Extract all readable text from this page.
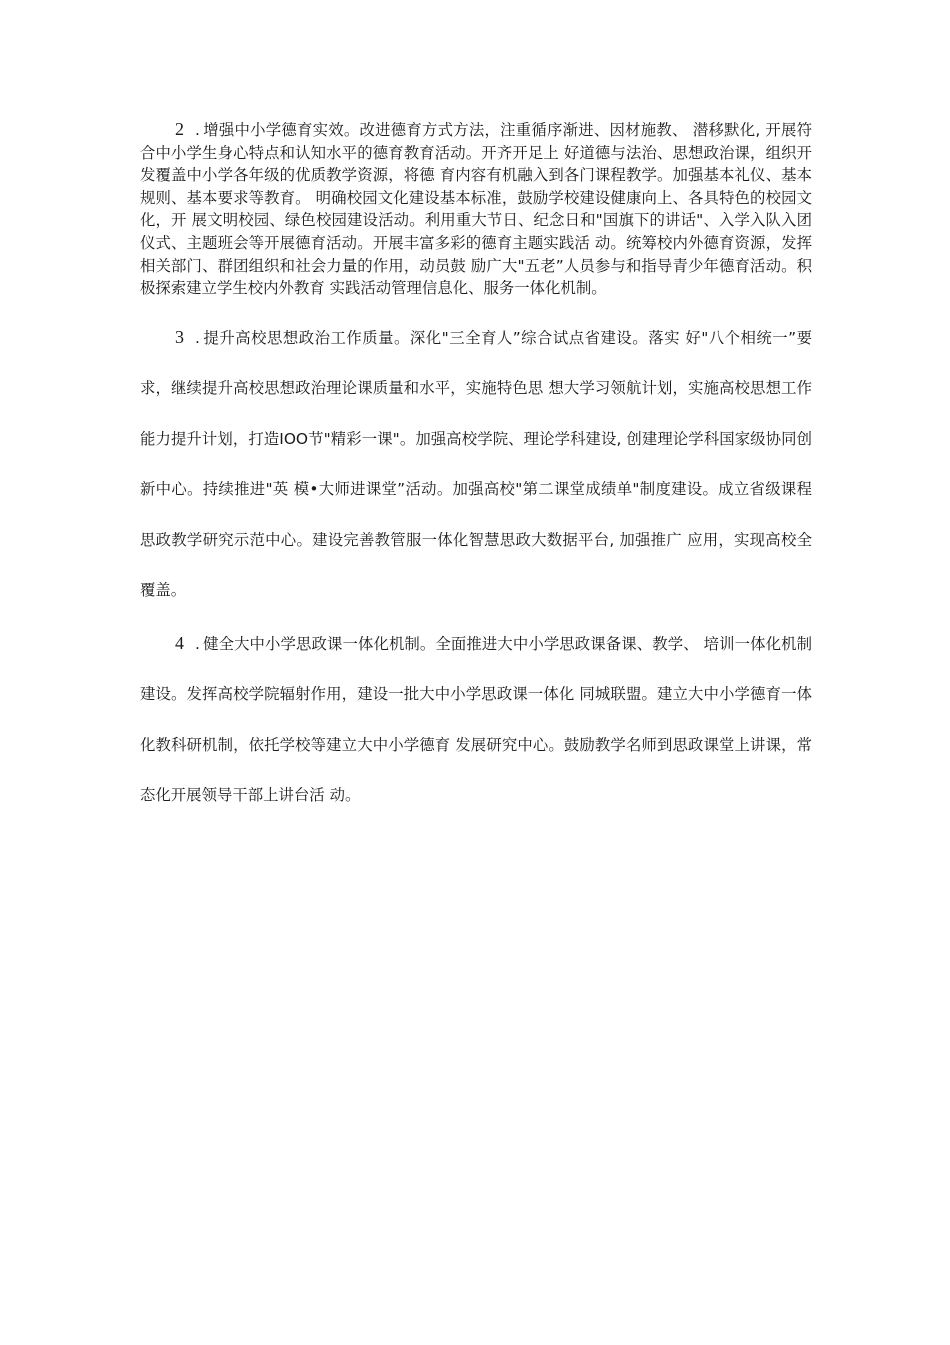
2 . 增强中小学德育实效。改进德育方式方法，注重循序渐进、因材施教、 潜移默化, 开展符合中小学生身心特点和认知水平的德育教育活动。开齐开足上 好道德与法治、思想政治课，组织开发覆盖中小学各年级的优质教学资源，将德 育内容有机融入到各门课程教学。加强基本礼仪、基本规则、基本要求等教育。 明确校园文化建设基本标准，鼓励学校建设健康向上、各具特色的校园文化，开 展文明校园、绿色校园建设活动。利用重大节日、纪念日和"国旗下的讲话"、入学入队入团仪式、主题班会等开展德育活动。开展丰富多彩的德育主题实践活 动。统筹校内外德育资源，发挥相关部门、群团组织和社会力量的作用，动员鼓 励广大"五老”人员参与和指导青少年德育活动。积极探索建立学生校内外教育 实践活动管理信息化、服务一体化机制。

3 . 提升高校思想政治工作质量。深化"三全育人”综合试点省建设。落实 好"八个相统一”要求，继续提升高校思想政治理论课质量和水平，实施特色思 想大学习领航计划，实施高校思想工作能力提升计划，打造IOO节"精彩一课"。加强高校学院、理论学科建设, 创建理论学科国家级协同创新中心。持续推进"英 模•大师进课堂”活动。加强高校"第二课堂成绩单"制度建设。成立省级课程 思政教学研究示范中心。建设完善教管服一体化智慧思政大数据平台, 加强推广 应用，实现高校全覆盖。

4 . 健全大中小学思政课一体化机制。全面推进大中小学思政课备课、教学、 培训一体化机制建设。发挥高校学院辐射作用，建设一批大中小学思政课一体化 同城联盟。建立大中小学德育一体化教科研机制，依托学校等建立大中小学德育 发展研究中心。鼓励教学名师到思政课堂上讲课，常态化开展领导干部上讲台活 动。
